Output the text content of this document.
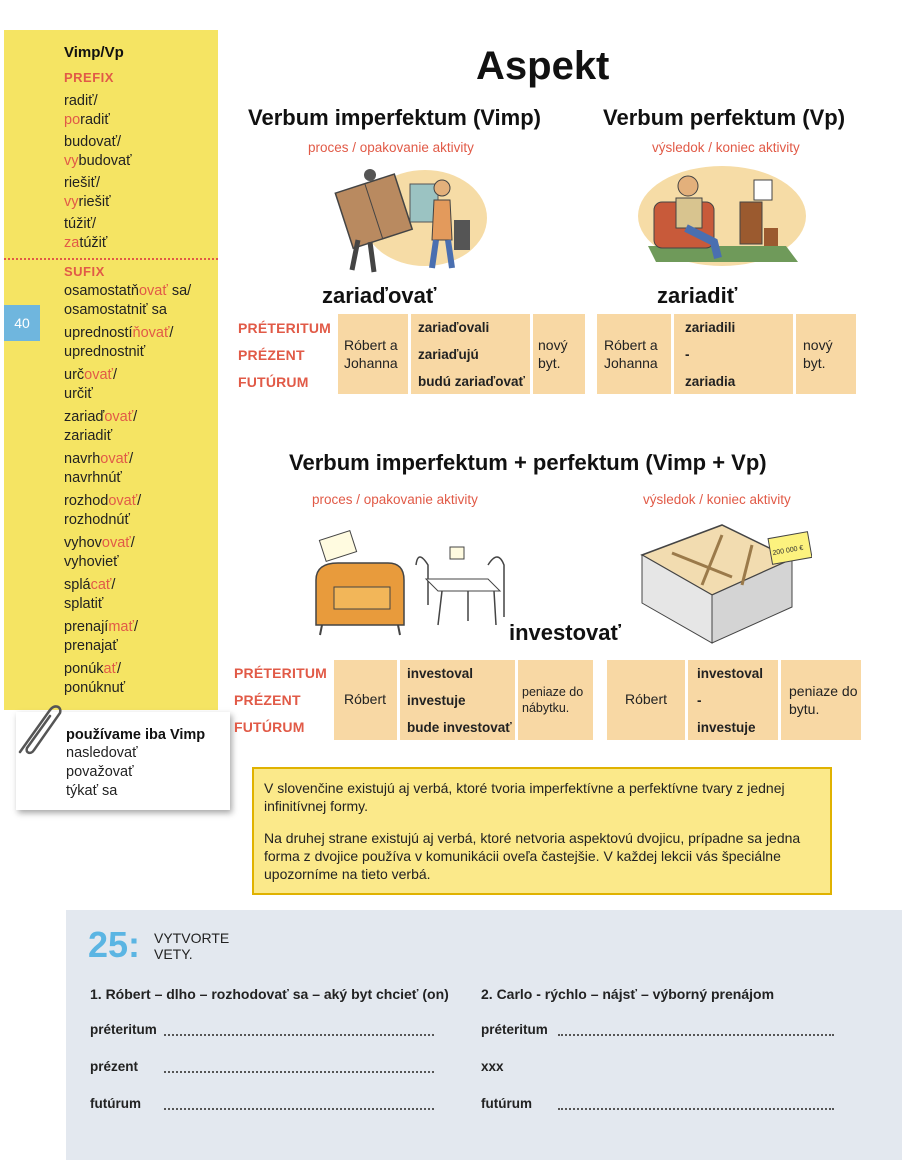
Vimp/Vp
PREFIX
radiť/
poradiť
budovať/
vybudovať
riešiť/
vyriešiť
túžiť/
zatúžiť
SUFIX
osamostatňovať sa/
osamostatniť sa
uprednostíňovať/
uprednostniť
určovať/
určiť
zariaďovať/
zariadiť
navrhovať/
navrhnúť
rozhodovať/
rozhodnúť
vyhovovať/
vyhovieť
splácať/
splatiť
prenajímať/
prenajať
ponúkať/
ponúknuť
40
používame iba Vimp
nasledovať
považovať
týkať sa
Aspekt
Verbum imperfektum (Vimp)
proces / opakovanie aktivity
Verbum perfektum (Vp)
výsledok / koniec aktivity
zariaďovať	zariadiť
PRÉTERITUM
PRÉZENT
FUTÚRUM
Róbert a Johanna
zariaďovali
zariaďujú
budú zariaďovať
nový byt.
Róbert a Johanna
zariadili
-
zariadia
nový byt.
Verbum imperfektum + perfektum (Vimp + Vp)
proces / opakovanie aktivity	výsledok / koniec aktivity
200 000 €
investovať
PRÉTERITUM
PRÉZENT
FUTÚRUM
Róbert
investoval
investuje
bude investovať
peniaze do nábytku.
Róbert
investoval
-
investuje
peniaze do bytu.
V slovenčine existujú aj verbá, ktoré tvoria imperfektívne a perfektívne tvary z jednej infinitívnej formy.
Na druhej strane existujú aj verbá, ktoré netvoria aspektovú dvojicu, prípadne sa jedna forma z dvojice používa v komunikácii oveľa častejšie. V každej lekcii vás špeciálne upozorníme na tieto verbá.
25: VYTVORTE
VETY.
1. Róbert – dlho – rozhodovať sa – aký byt chcieť (on) 2. Carlo - rýchlo – nájsť – výborný prenájom
préteritum
prézent
futúrum
préteritum
xxx
futúrum
